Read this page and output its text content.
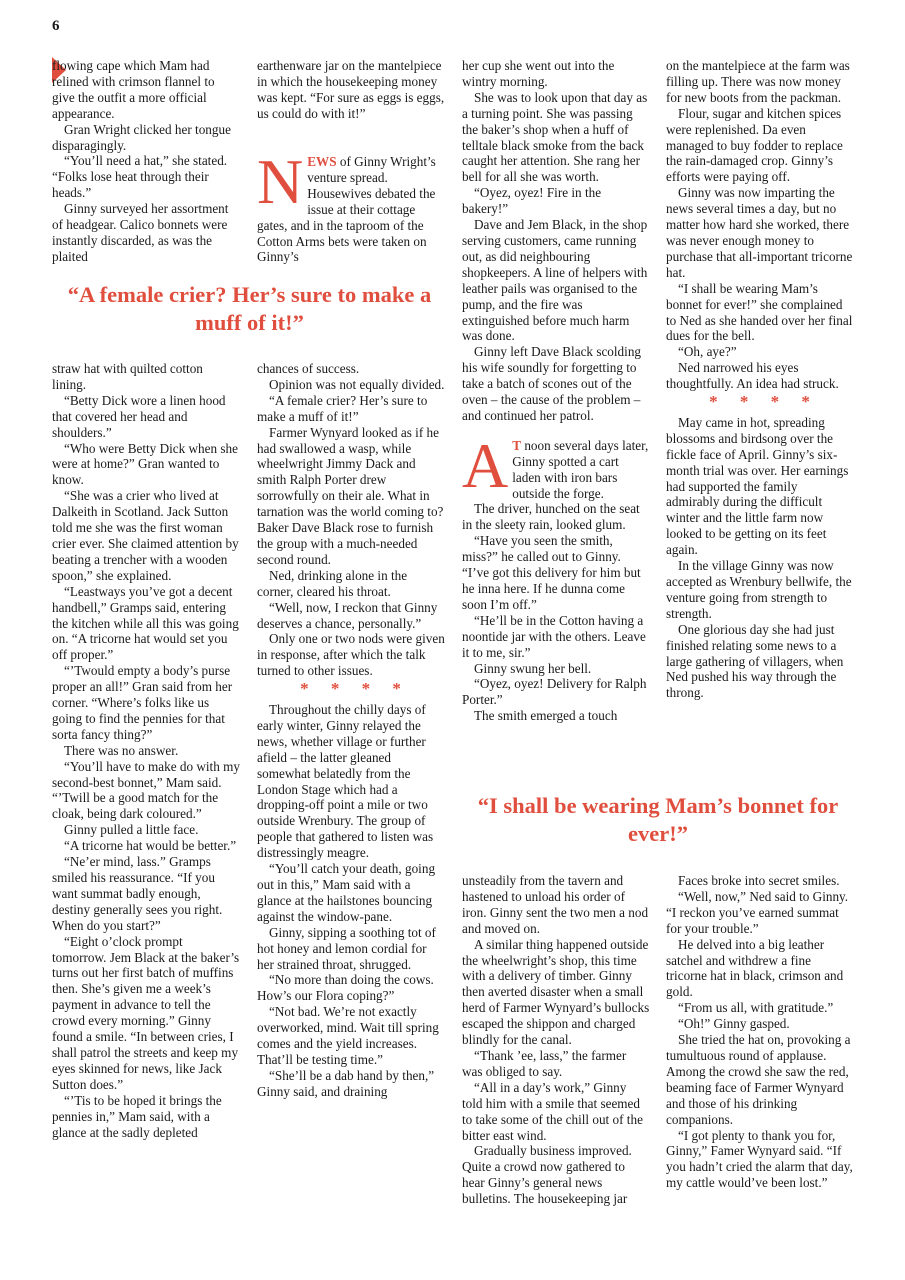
6

flowing cape which Mam had relined with crimson flannel to give the outfit a more official appearance.

Gran Wright clicked her tongue disparagingly.

“You’ll need a hat,” she stated. “Folks lose heat through their heads.”

Ginny surveyed her assortment of headgear. Calico bonnets were instantly discarded, as was the plaited

earthenware jar on the mantelpiece in which the housekeeping money was kept. “For sure as eggs is eggs, us could do with it!”

NEWS of Ginny Wright’s venture spread. Housewives debated the issue at their cottage gates, and in the taproom of the Cotton Arms bets were taken on Ginny’s

“A female crier? Her’s sure to make a muff of it!”

straw hat with quilted cotton lining.

“Betty Dick wore a linen hood that covered her head and shoulders.”

“Who were Betty Dick when she were at home?” Gran wanted to know.

“She was a crier who lived at Dalkeith in Scotland. Jack Sutton told me she was the first woman crier ever. She claimed attention by beating a trencher with a wooden spoon,” she explained.

“Leastways you’ve got a decent handbell,” Gramps said, entering the kitchen while all this was going on. “A tricorne hat would set you off proper.”

“’Twould empty a body’s purse proper an all!” Gran said from her corner. “Where’s folks like us going to find the pennies for that sorta fancy thing?”

There was no answer.

“You’ll have to make do with my second-best bonnet,” Mam said. “’Twill be a good match for the cloak, being dark coloured.”

Ginny pulled a little face.

“A tricorne hat would be better.”

“Ne’er mind, lass.” Gramps smiled his reassurance. “If you want summat badly enough, destiny generally sees you right. When do you start?”

“Eight o’clock prompt tomorrow. Jem Black at the baker’s turns out her first batch of muffins then. She’s given me a week’s payment in advance to tell the crowd every morning.” Ginny found a smile. “In between cries, I shall patrol the streets and keep my eyes skinned for news, like Jack Sutton does.”

“’Tis to be hoped it brings the pennies in,” Mam said, with a glance at the sadly depleted

chances of success.

Opinion was not equally divided.

“A female crier? Her’s sure to make a muff of it!”

Farmer Wynyard looked as if he had swallowed a wasp, while wheelwright Jimmy Dack and smith Ralph Porter drew sorrowfully on their ale. What in tarnation was the world coming to? Baker Dave Black rose to furnish the group with a much-needed second round.

Ned, drinking alone in the corner, cleared his throat.

“Well, now, I reckon that Ginny deserves a chance, personally.”

Only one or two nods were given in response, after which the talk turned to other issues.

* * * *

Throughout the chilly days of early winter, Ginny relayed the news, whether village or further afield – the latter gleaned somewhat belatedly from the London Stage which had a dropping-off point a mile or two outside Wrenbury. The group of people that gathered to listen was distressingly meagre.

“You’ll catch your death, going out in this,” Mam said with a glance at the hailstones bouncing against the window-pane.

Ginny, sipping a soothing tot of hot honey and lemon cordial for her strained throat, shrugged.

“No more than doing the cows. How’s our Flora coping?”

“Not bad. We’re not exactly overworked, mind. Wait till spring comes and the yield increases. That’ll be testing time.”

“She’ll be a dab hand by then,” Ginny said, and draining

her cup she went out into the wintry morning.

She was to look upon that day as a turning point. She was passing the baker’s shop when a huff of telltale black smoke from the back caught her attention. She rang her bell for all she was worth.

“Oyez, oyez! Fire in the bakery!”

Dave and Jem Black, in the shop serving customers, came running out, as did neighbouring shopkeepers. A line of helpers with leather pails was organised to the pump, and the fire was extinguished before much harm was done.

Ginny left Dave Black scolding his wife soundly for forgetting to take a batch of scones out of the oven – the cause of the problem – and continued her patrol.

A T noon several days later, Ginny spotted a cart laden with iron bars outside the forge.

The driver, hunched on the seat in the sleety rain, looked glum.

“Have you seen the smith, miss?” he called out to Ginny. “I’ve got this delivery for him but he inna here. If he dunna come soon I’m off.”

“He’ll be in the Cotton having a noontide jar with the others. Leave it to me, sir.”

Ginny swung her bell.

“Oyez, oyez! Delivery for Ralph Porter.”

The smith emerged a touch

on the mantelpiece at the farm was filling up. There was now money for new boots from the packman.

Flour, sugar and kitchen spices were replenished. Da even managed to buy fodder to replace the rain-damaged crop. Ginny’s efforts were paying off.

Ginny was now imparting the news several times a day, but no matter how hard she worked, there was never enough money to purchase that all-important tricorne hat.

“I shall be wearing Mam’s bonnet for ever!” she complained to Ned as she handed over her final dues for the bell.

“Oh, aye?”

Ned narrowed his eyes thoughtfully. An idea had struck.

* * * *

May came in hot, spreading blossoms and birdsong over the fickle face of April. Ginny’s six-month trial was over. Her earnings had supported the family admirably during the difficult winter and the little farm now looked to be getting on its feet again.

In the village Ginny was now accepted as Wrenbury bellwife, the venture going from strength to strength.

One glorious day she had just finished relating some news to a large gathering of villagers, when Ned pushed his way through the throng.

“I shall be wearing Mam’s bonnet for ever!”

unsteadily from the tavern and hastened to unload his order of iron. Ginny sent the two men a nod and moved on.

A similar thing happened outside the wheelwright’s shop, this time with a delivery of timber. Ginny then averted disaster when a small herd of Farmer Wynyard’s bullocks escaped the shippon and charged blindly for the canal.

“Thank ’ee, lass,” the farmer was obliged to say.

“All in a day’s work,” Ginny told him with a smile that seemed to take some of the chill out of the bitter east wind.

Gradually business improved. Quite a crowd now gathered to hear Ginny’s general news bulletins. The housekeeping jar

Faces broke into secret smiles.

“Well, now,” Ned said to Ginny. “I reckon you’ve earned summat for your trouble.”

He delved into a big leather satchel and withdrew a fine tricorne hat in black, crimson and gold.

“From us all, with gratitude.”

“Oh!” Ginny gasped.

She tried the hat on, provoking a tumultuous round of applause. Among the crowd she saw the red, beaming face of Farmer Wynyard and those of his drinking companions.

“I got plenty to thank you for, Ginny,” Famer Wynyard said. “If you hadn’t cried the alarm that day, my cattle would’ve been lost.”
